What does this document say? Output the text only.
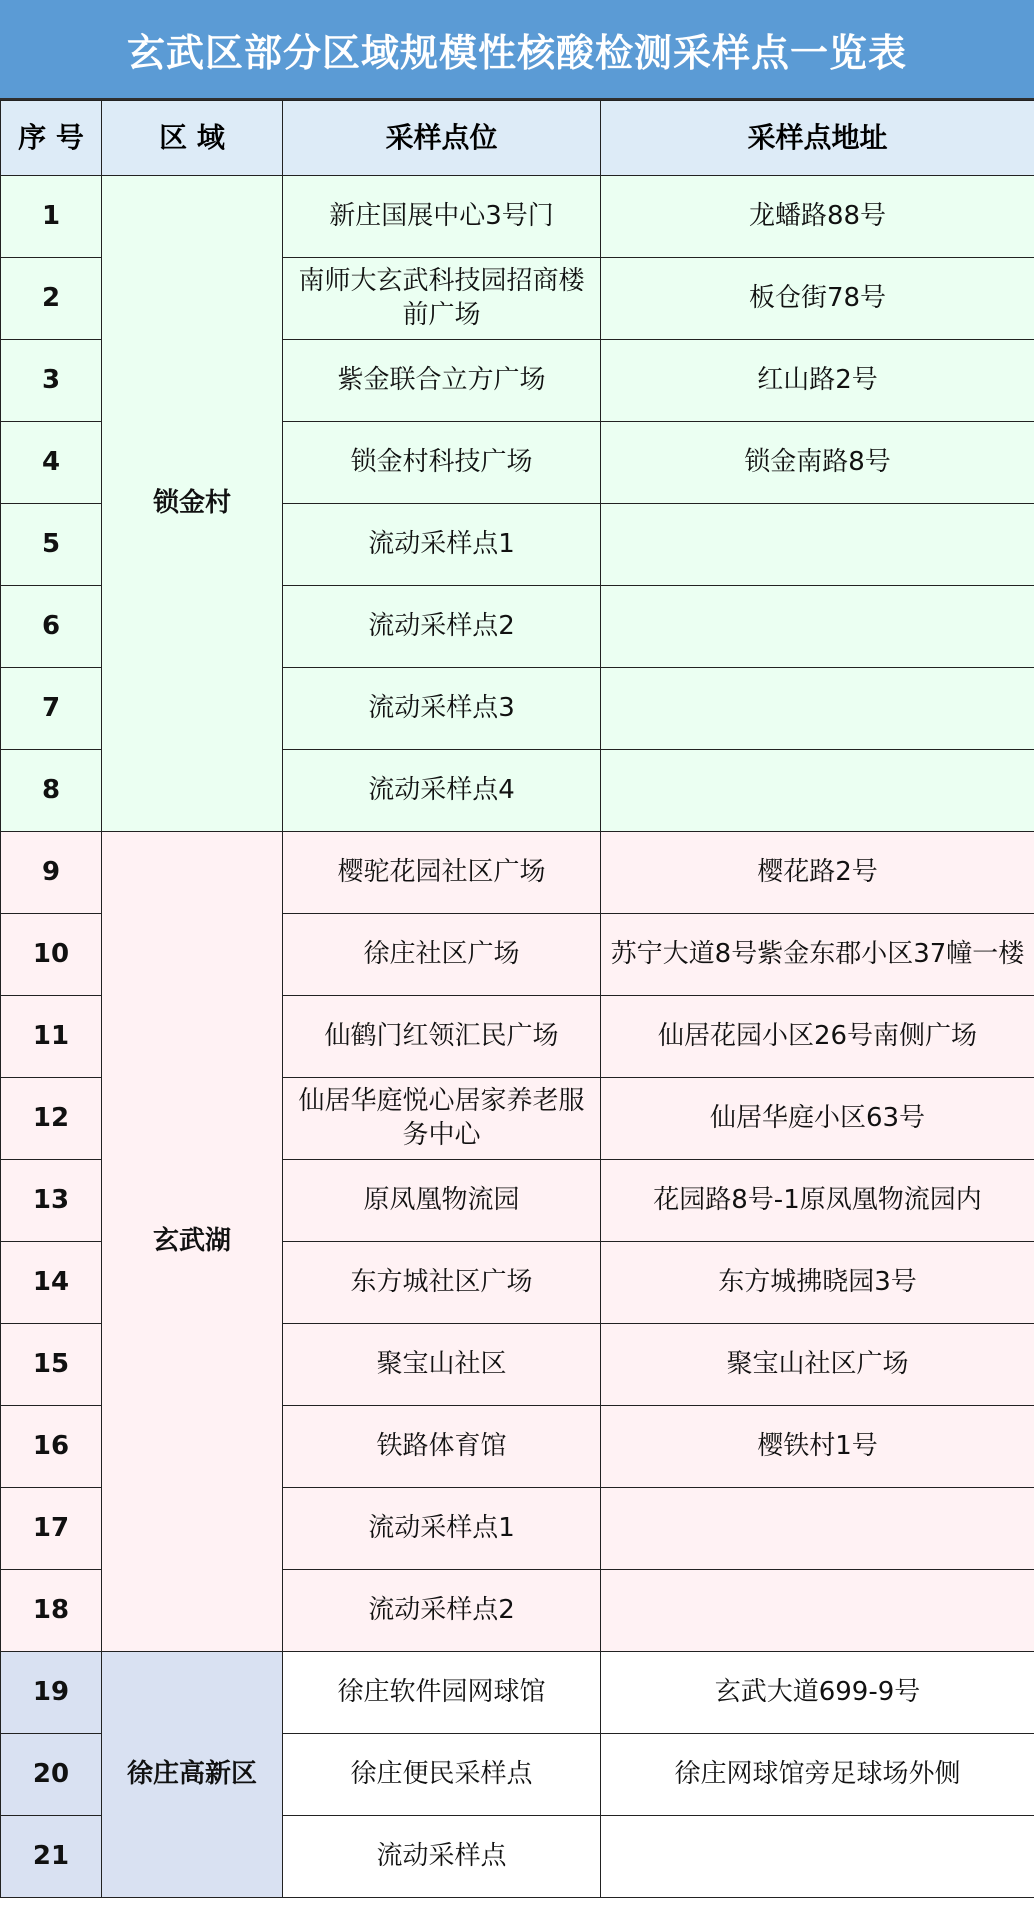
玄武区部分区域规模性核酸检测采样点一览表
序 号	区 域	采样点位	采样点地址
1	锁金村	新庄国展中心3号门	龙蟠路88号
2		南师大玄武科技园招商楼前广场	板仓街78号
3		紫金联合立方广场	红山路2号
4		锁金村科技广场	锁金南路8号
5		流动采样点1	
6		流动采样点2	
7		流动采样点3	
8		流动采样点4	
9	玄武湖	樱驼花园社区广场	樱花路2号
10		徐庄社区广场	苏宁大道8号紫金东郡小区37幢一楼
11		仙鹤门红领汇民广场	仙居花园小区26号南侧广场
12		仙居华庭悦心居家养老服务中心	仙居华庭小区63号
13		原凤凰物流园	花园路8号-1原凤凰物流园内
14		东方城社区广场	东方城拂晓园3号
15		聚宝山社区	聚宝山社区广场
16		铁路体育馆	樱铁村1号
17		流动采样点1	
18		流动采样点2	
19	徐庄高新区	徐庄软件园网球馆	玄武大道699-9号
20		徐庄便民采样点	徐庄网球馆旁足球场外侧
21		流动采样点	
